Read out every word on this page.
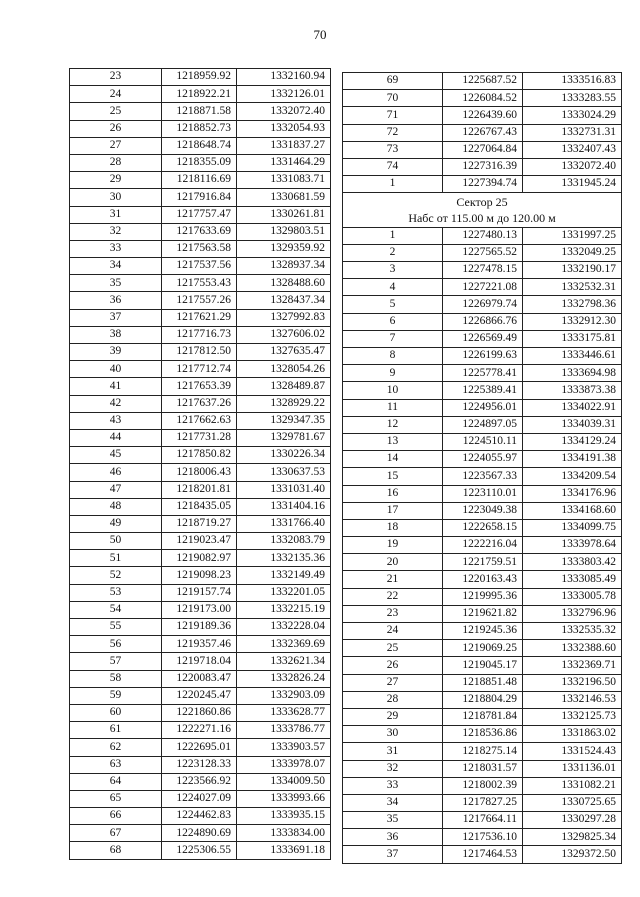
70
23	1218959.92	1332160.94
24	1218922.21	1332126.01
25	1218871.58	1332072.40
26	1218852.73	1332054.93
27	1218648.74	1331837.27
28	1218355.09	1331464.29
29	1218116.69	1331083.71
30	1217916.84	1330681.59
31	1217757.47	1330261.81
32	1217633.69	1329803.51
33	1217563.58	1329359.92
34	1217537.56	1328937.34
35	1217553.43	1328488.60
36	1217557.26	1328437.34
37	1217621.29	1327992.83
38	1217716.73	1327606.02
39	1217812.50	1327635.47
40	1217712.74	1328054.26
41	1217653.39	1328489.87
42	1217637.26	1328929.22
43	1217662.63	1329347.35
44	1217731.28	1329781.67
45	1217850.82	1330226.34
46	1218006.43	1330637.53
47	1218201.81	1331031.40
48	1218435.05	1331404.16
49	1218719.27	1331766.40
50	1219023.47	1332083.79
51	1219082.97	1332135.36
52	1219098.23	1332149.49
53	1219157.74	1332201.05
54	1219173.00	1332215.19
55	1219189.36	1332228.04
56	1219357.46	1332369.69
57	1219718.04	1332621.34
58	1220083.47	1332826.24
59	1220245.47	1332903.09
60	1221860.86	1333628.77
61	1222271.16	1333786.77
62	1222695.01	1333903.57
63	1223128.33	1333978.07
64	1223566.92	1334009.50
65	1224027.09	1333993.66
66	1224462.83	1333935.15
67	1224890.69	1333834.00
68	1225306.55	1333691.18
69	1225687.52	1333516.83
70	1226084.52	1333283.55
71	1226439.60	1333024.29
72	1226767.43	1332731.31
73	1227064.84	1332407.43
74	1227316.39	1332072.40
1	1227394.74	1331945.24
Сектор 25		
Набс от 115.00 м до 120.00 м		
1	1227480.13	1331997.25
2	1227565.52	1332049.25
3	1227478.15	1332190.17
4	1227221.08	1332532.31
5	1226979.74	1332798.36
6	1226866.76	1332912.30
7	1226569.49	1333175.81
8	1226199.63	1333446.61
9	1225778.41	1333694.98
10	1225389.41	1333873.38
11	1224956.01	1334022.91
12	1224897.05	1334039.31
13	1224510.11	1334129.24
14	1224055.97	1334191.38
15	1223567.33	1334209.54
16	1223110.01	1334176.96
17	1223049.38	1334168.60
18	1222658.15	1334099.75
19	1222216.04	1333978.64
20	1221759.51	1333803.42
21	1220163.43	1333085.49
22	1219995.36	1333005.78
23	1219621.82	1332796.96
24	1219245.36	1332535.32
25	1219069.25	1332388.60
26	1219045.17	1332369.71
27	1218851.48	1332196.50
28	1218804.29	1332146.53
29	1218781.84	1332125.73
30	1218536.86	1331863.02
31	1218275.14	1331524.43
32	1218031.57	1331136.01
33	1218002.39	1331082.21
34	1217827.25	1330725.65
35	1217664.11	1330297.28
36	1217536.10	1329825.34
37	1217464.53	1329372.50
